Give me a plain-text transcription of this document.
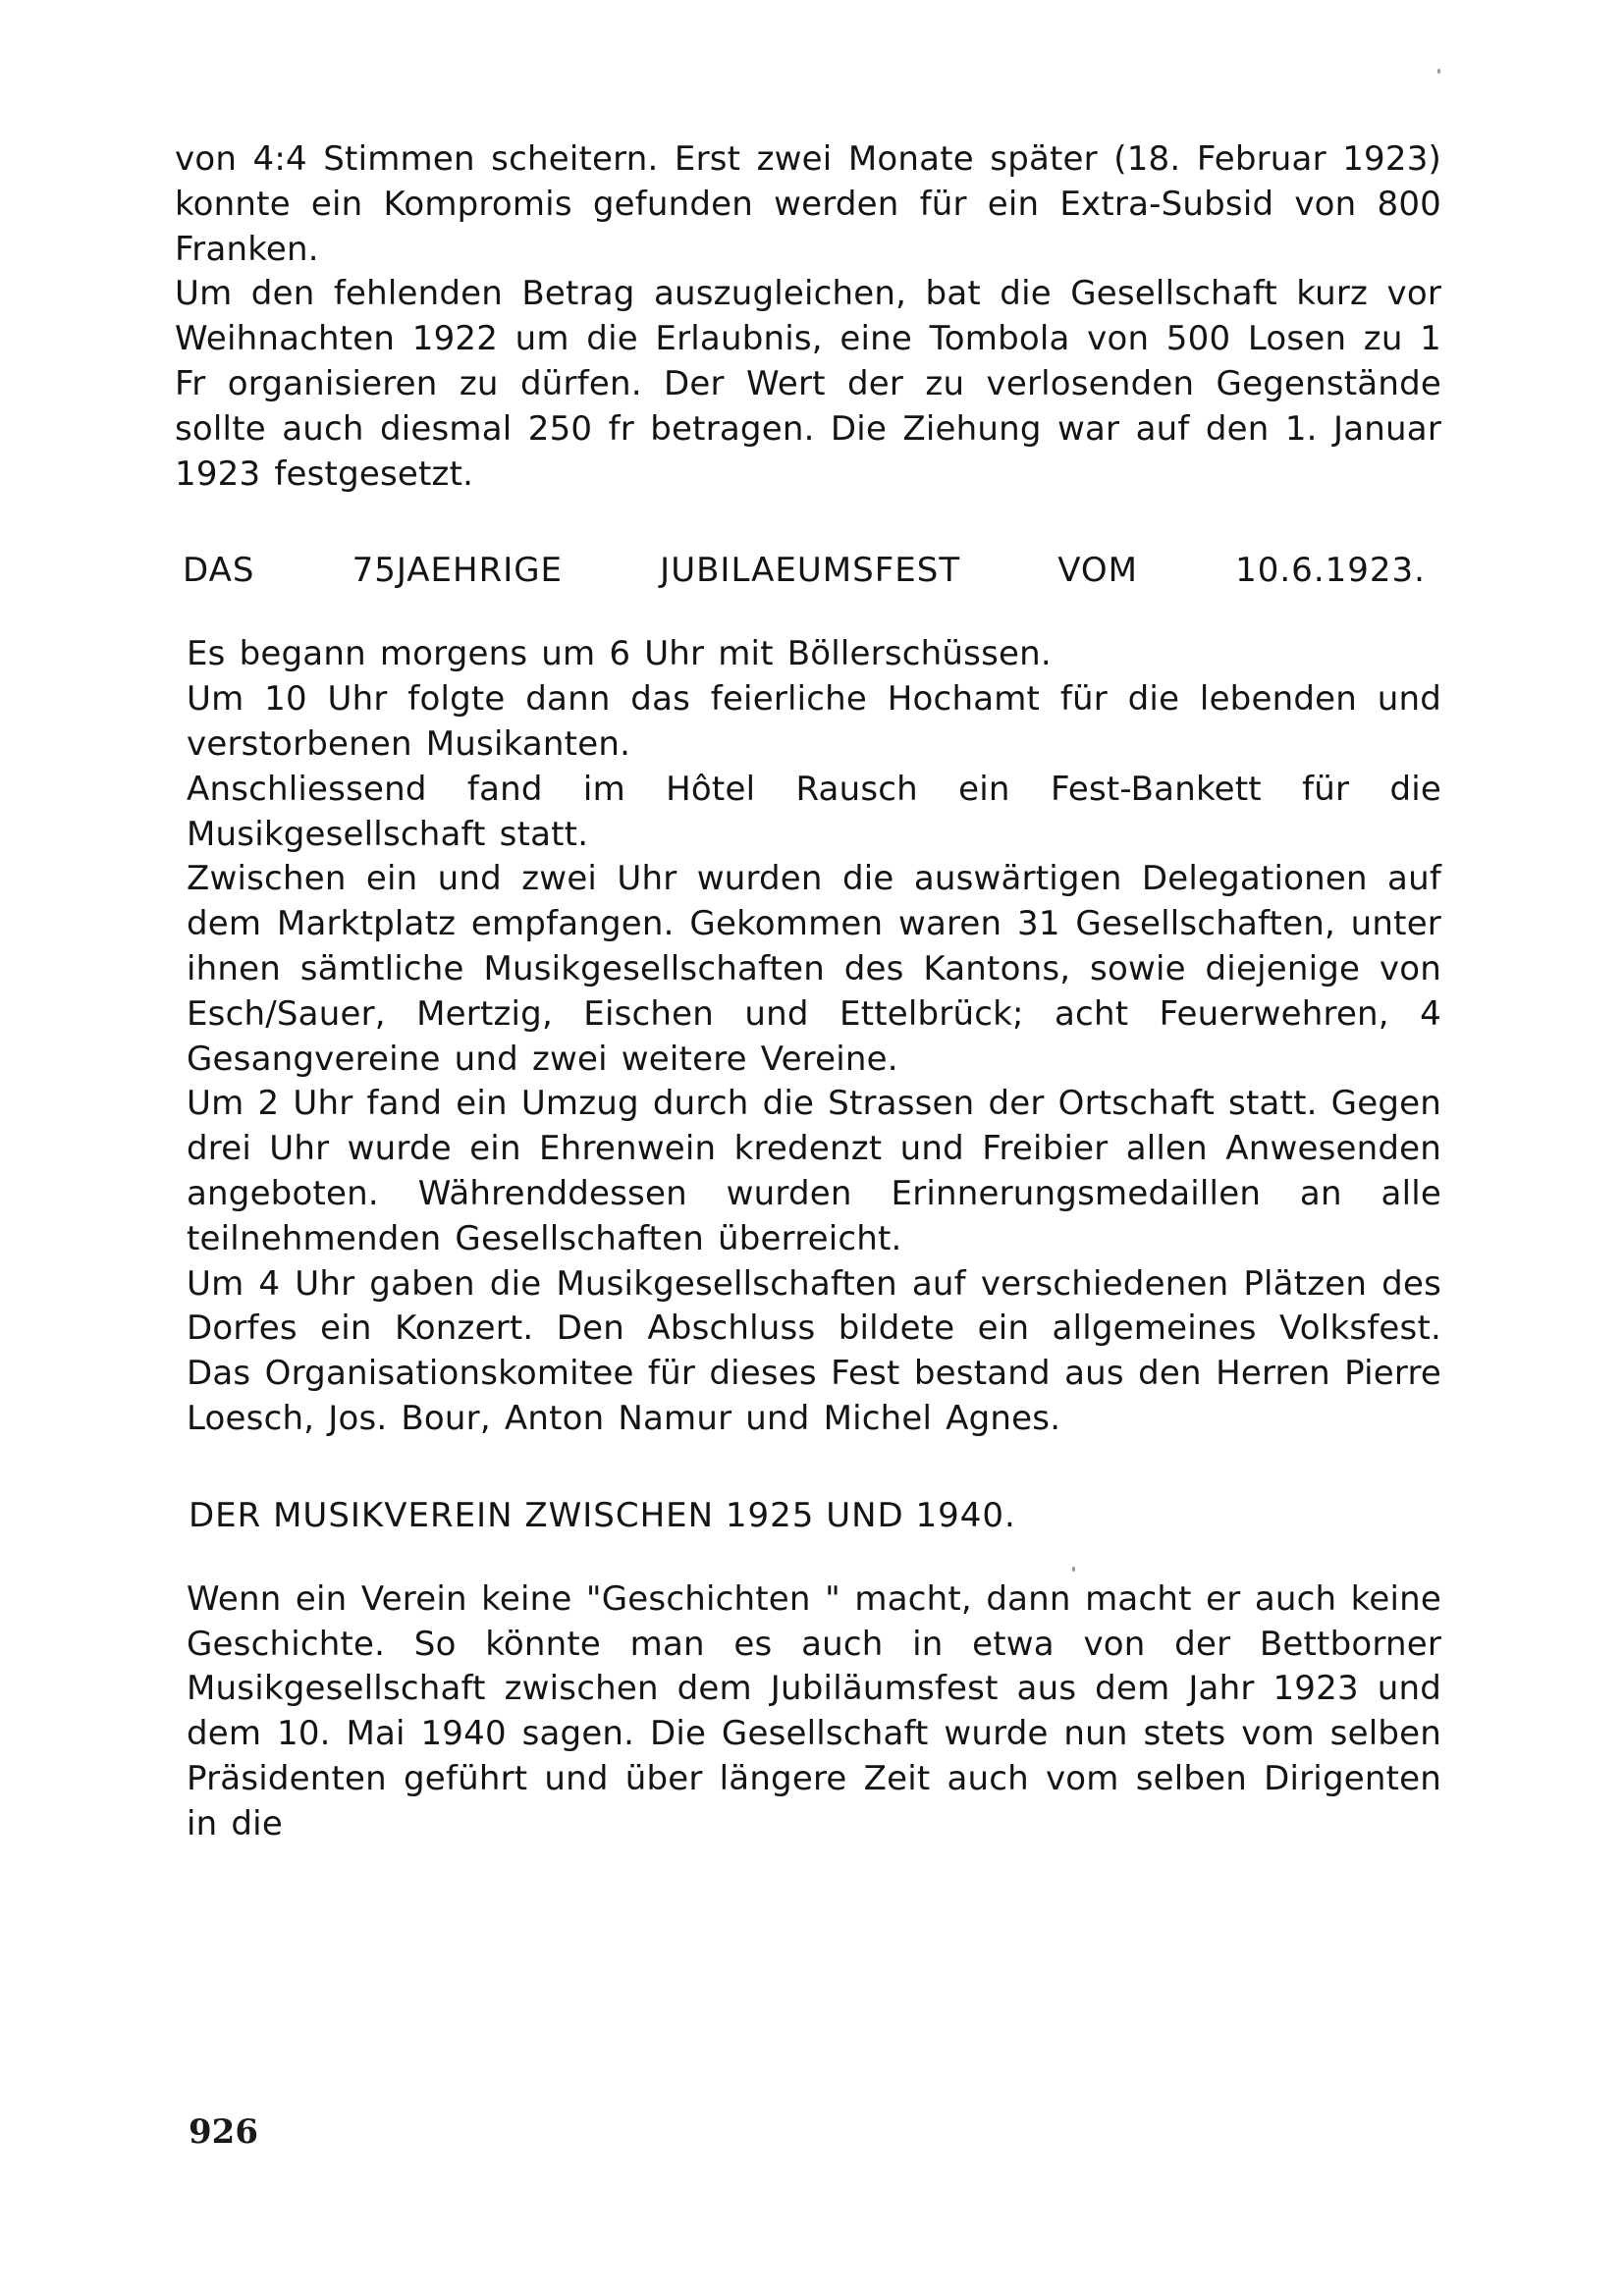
von 4:4 Stimmen scheitern. Erst zwei Monate später (18. Februar 1923) konnte ein Kompromis gefunden werden für ein Extra-Subsid von 800 Franken.

Um den fehlenden Betrag auszugleichen, bat die Gesellschaft kurz vor Weihnachten 1922 um die Erlaubnis, eine Tombola von 500 Losen zu 1 Fr organisieren zu dürfen. Der Wert der zu verlosenden Gegenstände sollte auch diesmal 250 fr betragen. Die Ziehung war auf den 1. Januar 1923 festgesetzt.

DAS	75JAEHRIGE	JUBILAEUMSFEST	VOM	10.6.1923.

Es begann morgens um 6 Uhr mit Böllerschüssen.

Um 10 Uhr folgte dann das feierliche Hochamt für die lebenden und verstorbenen Musikanten.

Anschliessend fand im Hôtel Rausch ein Fest-Bankett für die Musikgesellschaft statt.

Zwischen ein und zwei Uhr wurden die auswärtigen Delegationen auf dem Marktplatz empfangen. Gekommen waren 31 Gesellschaften, unter ihnen sämtliche Musikgesellschaften des Kantons, sowie diejenige von Esch/Sauer, Mertzig, Eischen und Ettelbrück; acht Feuerwehren, 4 Gesangvereine und zwei weitere Vereine.

Um 2 Uhr fand ein Umzug durch die Strassen der Ortschaft statt. Gegen drei Uhr wurde ein Ehrenwein kredenzt und Freibier allen Anwesenden angeboten. Währenddessen wurden Erinnerungsmedaillen an alle teilnehmenden Gesellschaften überreicht.

Um 4 Uhr gaben die Musikgesellschaften auf verschiedenen Plätzen des Dorfes ein Konzert. Den Abschluss bildete ein allgemeines Volksfest. Das Organisationskomitee für dieses Fest bestand aus den Herren Pierre Loesch, Jos. Bour, Anton Namur und Michel Agnes.

DER MUSIKVEREIN ZWISCHEN 1925 UND 1940.

Wenn ein Verein keine "Geschichten " macht, dann macht er auch keine Geschichte. So könnte man es auch in etwa von der Bettborner Musikgesellschaft zwischen dem Jubiläumsfest aus dem Jahr 1923 und dem 10. Mai 1940 sagen. Die Gesellschaft wurde nun stets vom selben Präsidenten geführt und über längere Zeit auch vom selben Dirigenten in die

926
